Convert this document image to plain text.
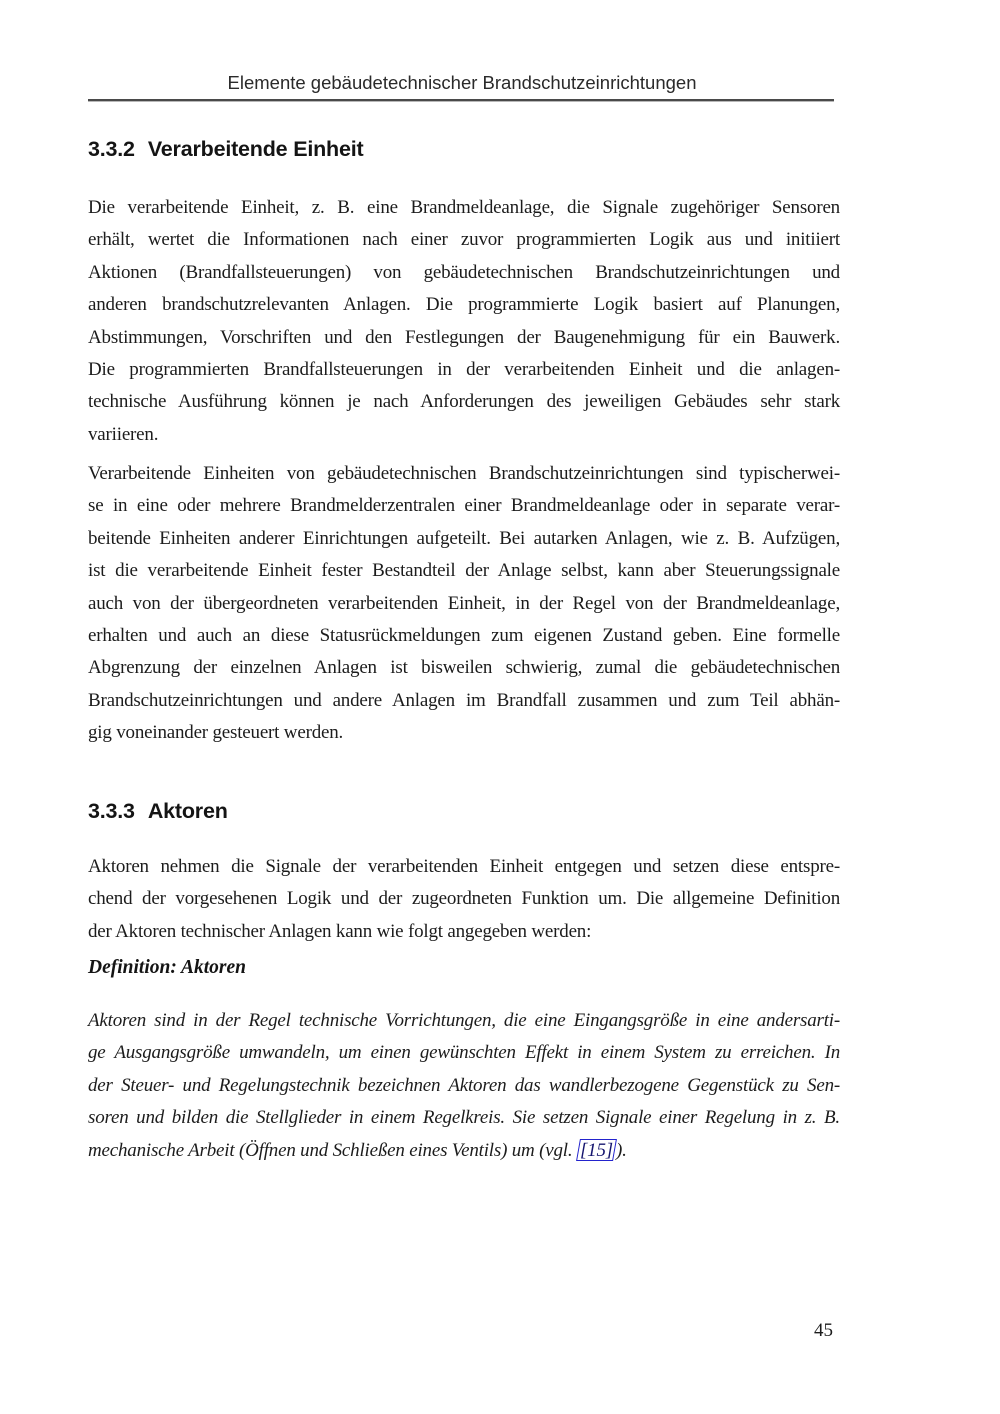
Elemente gebäudetechnischer Brandschutzeinrichtungen
3.3.2 Verarbeitende Einheit
Die verarbeitende Einheit, z. B. eine Brandmeldeanlage, die Signale zugehöriger Sensoren
erhält, wertet die Informationen nach einer zuvor programmierten Logik aus und initiiert
Aktionen (Brandfallsteuerungen) von gebäudetechnischen Brandschutzeinrichtungen und
anderen brandschutzrelevanten Anlagen. Die programmierte Logik basiert auf Planungen,
Abstimmungen, Vorschriften und den Festlegungen der Baugenehmigung für ein Bauwerk.
Die programmierten Brandfallsteuerungen in der verarbeitenden Einheit und die anlagen-
technische Ausführung können je nach Anforderungen des jeweiligen Gebäudes sehr stark
variieren.
Verarbeitende Einheiten von gebäudetechnischen Brandschutzeinrichtungen sind typischerwei-
se in eine oder mehrere Brandmelderzentralen einer Brandmeldeanlage oder in separate verar-
beitende Einheiten anderer Einrichtungen aufgeteilt. Bei autarken Anlagen, wie z. B. Aufzügen,
ist die verarbeitende Einheit fester Bestandteil der Anlage selbst, kann aber Steuerungssignale
auch von der übergeordneten verarbeitenden Einheit, in der Regel von der Brandmeldeanlage,
erhalten und auch an diese Statusrückmeldungen zum eigenen Zustand geben. Eine formelle
Abgrenzung der einzelnen Anlagen ist bisweilen schwierig, zumal die gebäudetechnischen
Brandschutzeinrichtungen und andere Anlagen im Brandfall zusammen und zum Teil abhän-
gig voneinander gesteuert werden.
3.3.3 Aktoren
Aktoren nehmen die Signale der verarbeitenden Einheit entgegen und setzen diese entspre-
chend der vorgesehenen Logik und der zugeordneten Funktion um. Die allgemeine Definition
der Aktoren technischer Anlagen kann wie folgt angegeben werden:
Definition: Aktoren
Aktoren sind in der Regel technische Vorrichtungen, die eine Eingangsgröße in eine andersarti-
ge Ausgangsgröße umwandeln, um einen gewünschten Effekt in einem System zu erreichen. In
der Steuer- und Regelungstechnik bezeichnen Aktoren das wandlerbezogene Gegenstück zu Sen-
soren und bilden die Stellglieder in einem Regelkreis. Sie setzen Signale einer Regelung in z. B.
mechanische Arbeit (Öffnen und Schließen eines Ventils) um (vgl. [15] ).
45
